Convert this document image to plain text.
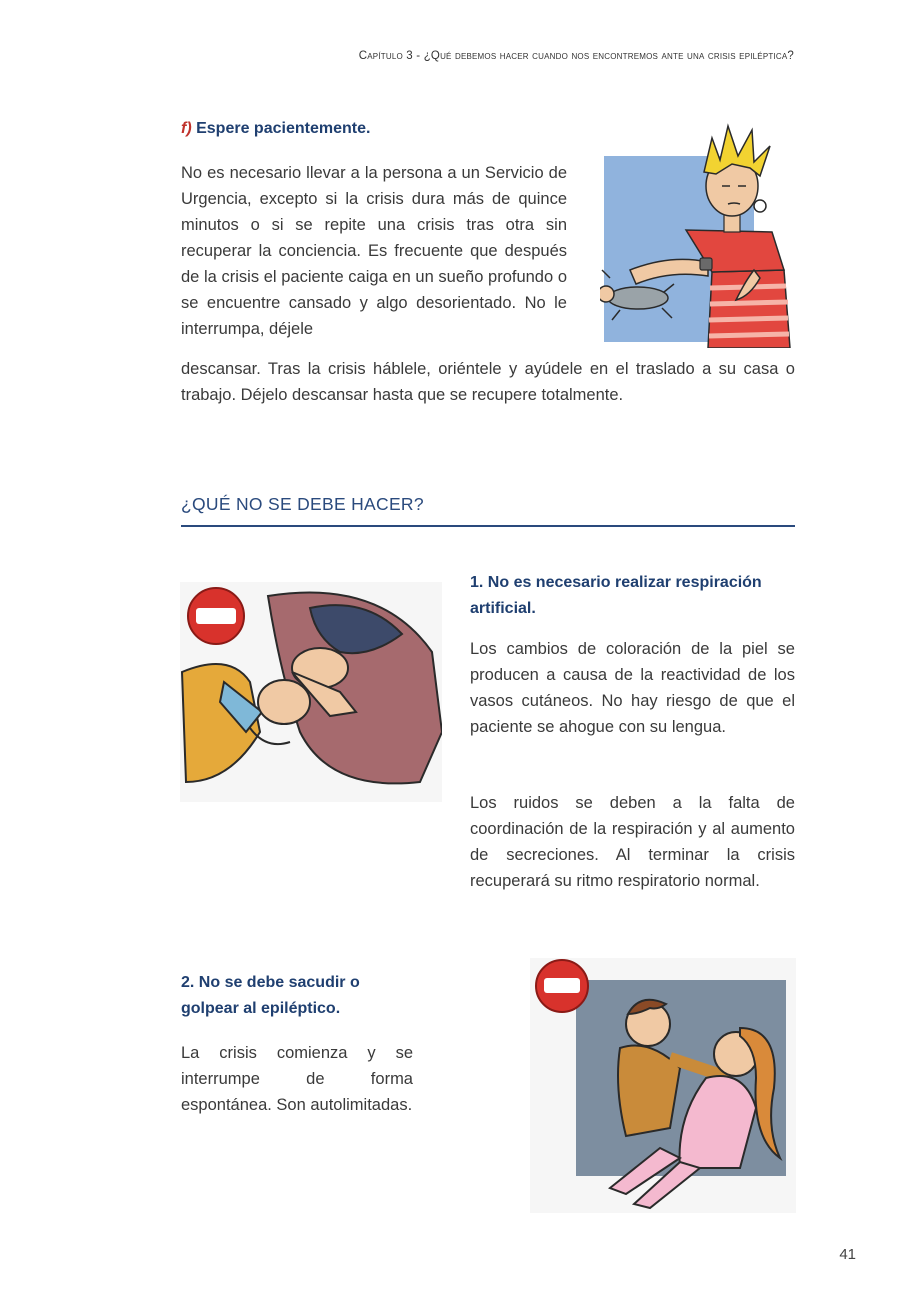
Capítulo 3 - ¿Qué debemos hacer cuando nos encontremos ante una crisis epiléptica?
f) Espere pacientemente.

No es necesario llevar a la persona a un Servicio de Urgencia, excepto si la crisis dura más de quince minutos o si se repite una crisis tras otra sin recuperar la conciencia. Es frecuente que después de la crisis el paciente caiga en un sueño profundo o se encuentre cansado y algo desorientado. No le interrumpa, déjele

descansar. Tras la crisis háblele, oriéntele y ayúdele en el traslado a su casa o trabajo. Déjelo descansar hasta que se recupere totalmente.

¿QUÉ NO SE DEBE HACER?
1. No es necesario realizar respiración artificial.

Los cambios de coloración de la piel se producen a causa de la reactividad de los vasos cutáneos. No hay riesgo de que el paciente se ahogue con su lengua.

Los ruidos se deben a la falta de coordinación de la respiración y al aumento de secreciones. Al terminar la crisis recuperará su ritmo respiratorio normal.

2. No se debe sacudir o golpear al epiléptico.

La crisis comienza y se interrumpe de forma espontánea. Son autolimitadas.

41
